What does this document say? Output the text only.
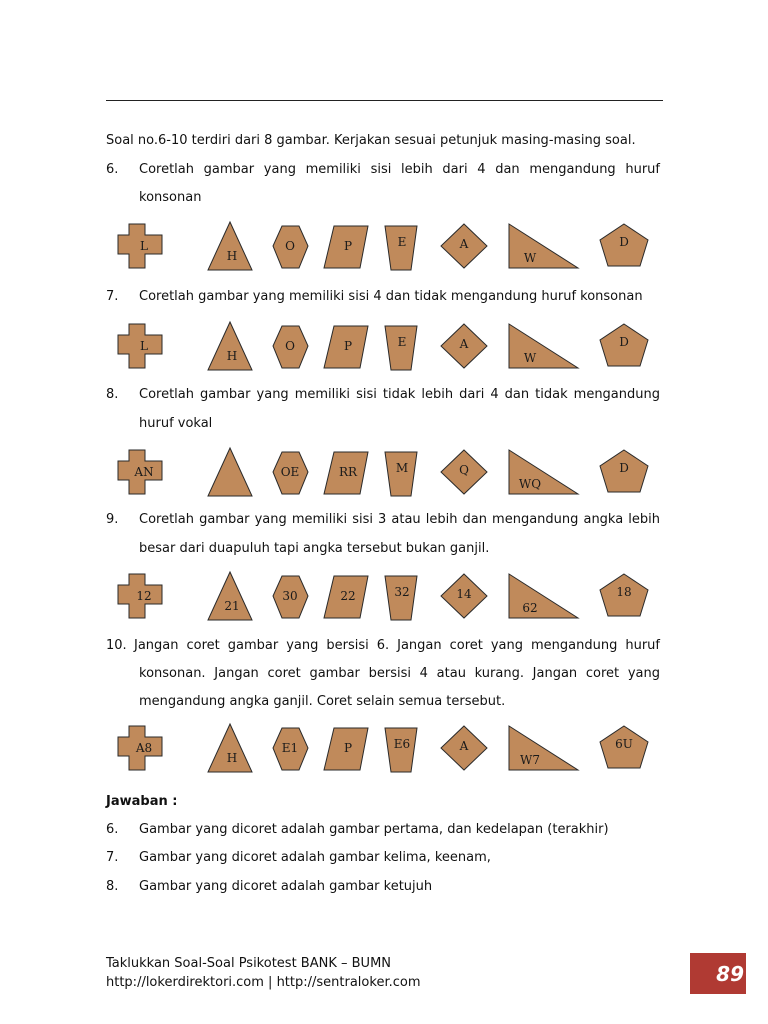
Soal no.6-10 terdiri dari 8 gambar. Kerjakan sesuai petunjuk masing-masing soal.
6. Coretlah gambar yang memiliki sisi lebih dari 4 dan mengandung huruf
konsonan
L
H
O	P	E	A
W
D
7. Coretlah gambar yang memiliki sisi 4 dan tidak mengandung huruf konsonan
L
H
O	P	E	A
W
D
8. Coretlah gambar yang memiliki sisi tidak lebih dari 4 dan tidak mengandung
huruf vokal
AN	OE	RR	M	Q
WQ
D
9. Coretlah gambar yang memiliki sisi 3 atau lebih dan mengandung angka lebih
besar dari duapuluh tapi angka tersebut bukan ganjil.
12
21
30	22	32	14
62
18
10. Jangan coret gambar yang bersisi 6. Jangan coret yang mengandung huruf
konsonan. Jangan coret gambar bersisi 4 atau kurang. Jangan coret yang
mengandung angka ganjil. Coret selain semua tersebut.
A8
H
E1	P	E6	A
W7
6U
Jawaban :
6. Gambar yang dicoret adalah gambar pertama, dan kedelapan (terakhir)
7. Gambar yang dicoret adalah gambar kelima, keenam,
8. Gambar yang dicoret adalah gambar ketujuh
Taklukkan Soal-Soal Psikotest BANK – BUMN
http://lokerdirektori.com | http://sentraloker.com	89
